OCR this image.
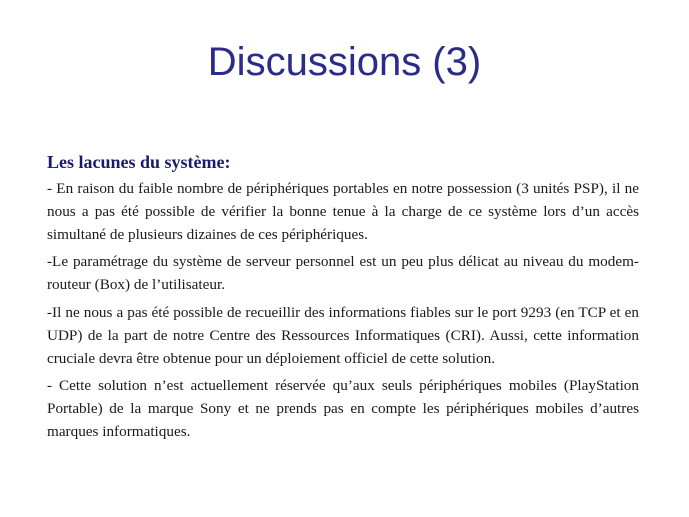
Discussions (3)
Les lacunes du système:

- En raison du faible nombre de périphériques portables en notre possession (3 unités PSP), il ne nous a pas été possible de vérifier la bonne tenue à la charge de ce système lors d’un accès simultané de plusieurs dizaines de ces périphériques.

-Le paramétrage du système de serveur personnel est un peu plus délicat au niveau du modem-routeur (Box) de l’utilisateur.

-Il ne nous a pas été possible de recueillir des informations fiables sur le port 9293 (en TCP et en UDP) de la part de notre Centre des Ressources Informatiques (CRI). Aussi, cette information cruciale devra être obtenue pour un déploiement officiel de cette solution.

- Cette solution n’est actuellement réservée qu’aux seuls périphériques mobiles (PlayStation Portable) de la marque Sony et ne prends pas en compte les périphériques mobiles d’autres marques informatiques.
